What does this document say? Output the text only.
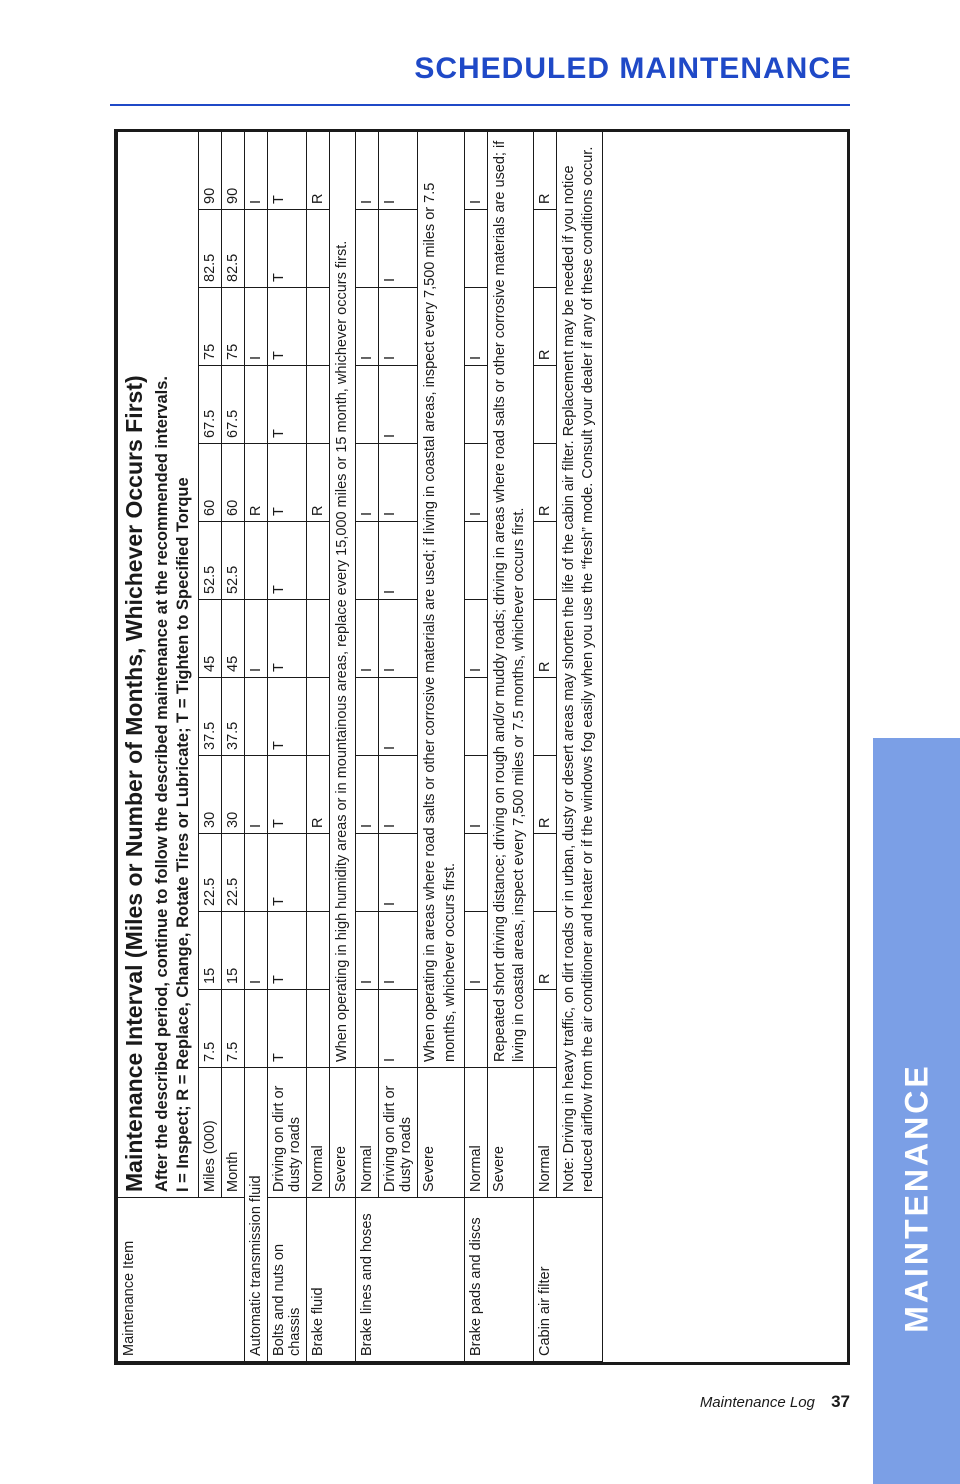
SCHEDULED MAINTENANCE
Maintenance Item	Maintenance Interval (Miles or Number of Months, Whichever Occurs First) After the described period, continue to follow the described maintenance at the recommended intervals. I = Inspect; R = Replace, Change, Rotate Tires or Lubricate; T = Tighten to Specified Torque												

	Miles (000)	7.5	15	22.5	30	37.5	45	52.5	60	67.5	75	82.5	90
	Month	7.5	15	22.5	30	37.5	45	52.5	60	67.5	75	82.5	90
Automatic transmission fluid			I		I		I		R		I		I
Bolts and nuts on chassis	Driving on dirt or dusty roads	T	T	T	T	T	T	T	T	T	T	T	T
Brake fluid	Normal				R				R				R
	Severe	When operating in high humidity areas or in mountainous areas, replace every 15,000 miles or 15 month, whichever occurs first.											
Brake lines and hoses	Normal		I		I		I		I		I		I
	Driving on dirt or dusty roads	I	I	I	I	I	I	I	I	I	I	I	I
	Severe	When operating in areas where road salts or other corrosive materials are used; if living in coastal areas, inspect every 7,500 miles or 7.5 months, whichever occurs first.											
Brake pads and discs	Normal		I		I		I		I		I		I
	Severe	Repeated short driving distance; driving on rough and/or muddy roads; driving in areas where road salts or other corrosive materials are used; if living in coastal areas, inspect every 7,500 miles or 7.5 months, whichever occurs first.											
Cabin air filter	Normal		R		R		R		R		R		R
	Note: Driving in heavy traffic, on dirt roads or in urban, dusty or desert areas may shorten the life of the cabin air filter. Replacement may be needed if you notice reduced airflow from the air conditioner and heater or if the windows fog easily when you use the “fresh” mode. Consult your dealer if any of these conditions occur.												
MAINTENANCE
Maintenance Log 37
